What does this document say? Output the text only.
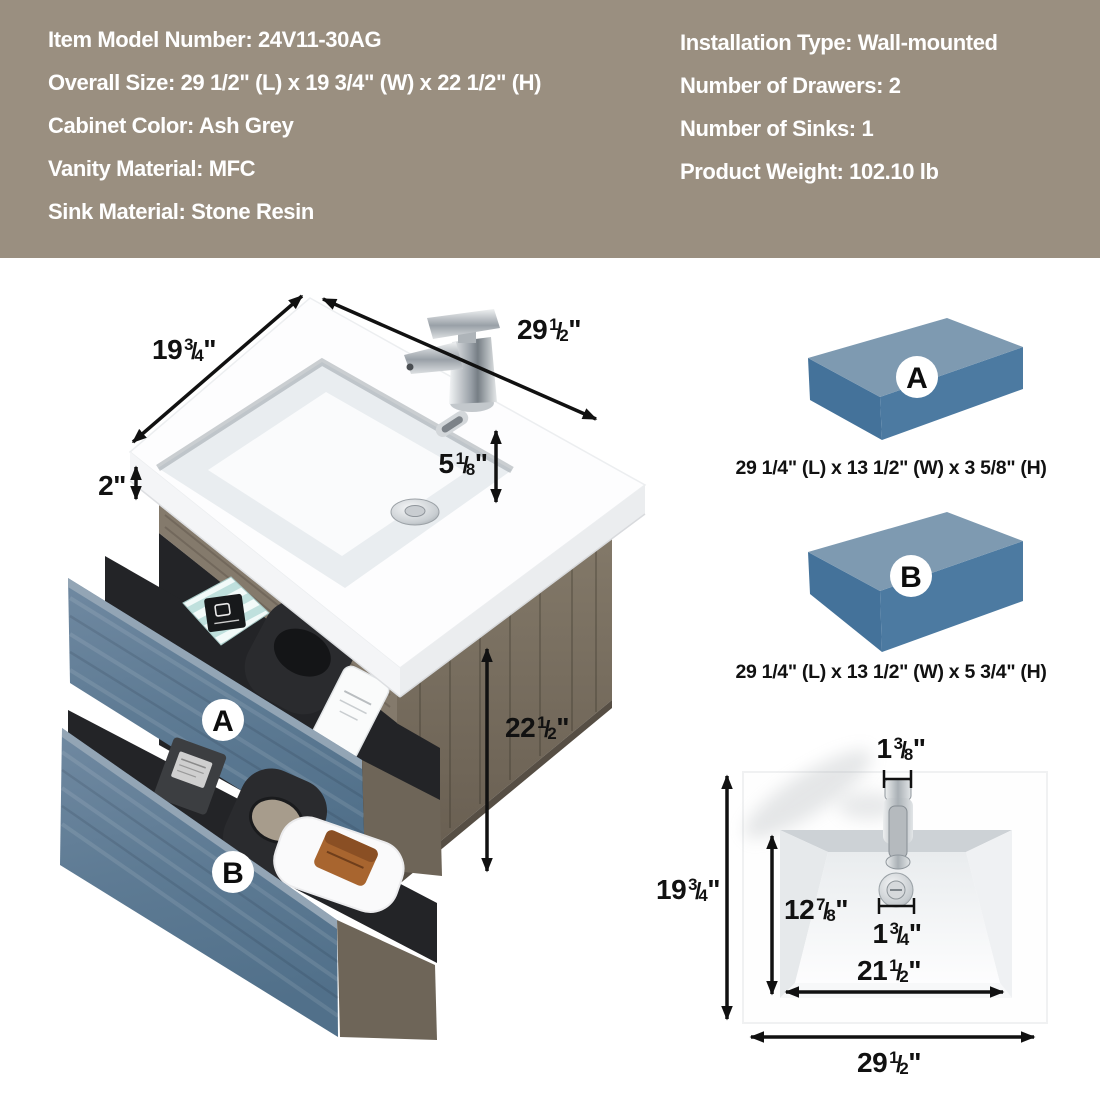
Item Model Number: 24V11-30AG
Overall Size: 29 1/2" (L) x 19 3/4" (W) x 22 1/2" (H)
Cabinet Color: Ash Grey
Vanity Material: MFC
Sink Material: Stone Resin
Installation Type: Wall-mounted
Number of Drawers: 2
Number of Sinks: 1
Product Weight: 102.10 lb
A
B
19 $^3/_4$"
29 $^1/_2$"
2"
5 $^1/_8$"
22 $^1/_2$"
A
B
29 1/4" (L) x 13 1/2" (W) x 3 5/8" (H)
29 1/4" (L) x 13 1/2" (W) x 5 3/4" (H)
1 $^3/_8$"
19 $^3/_4$"
12 $^7/_8$"
1 $^3/_4$"
21 $^1/_2$"
29 $^1/_2$"
